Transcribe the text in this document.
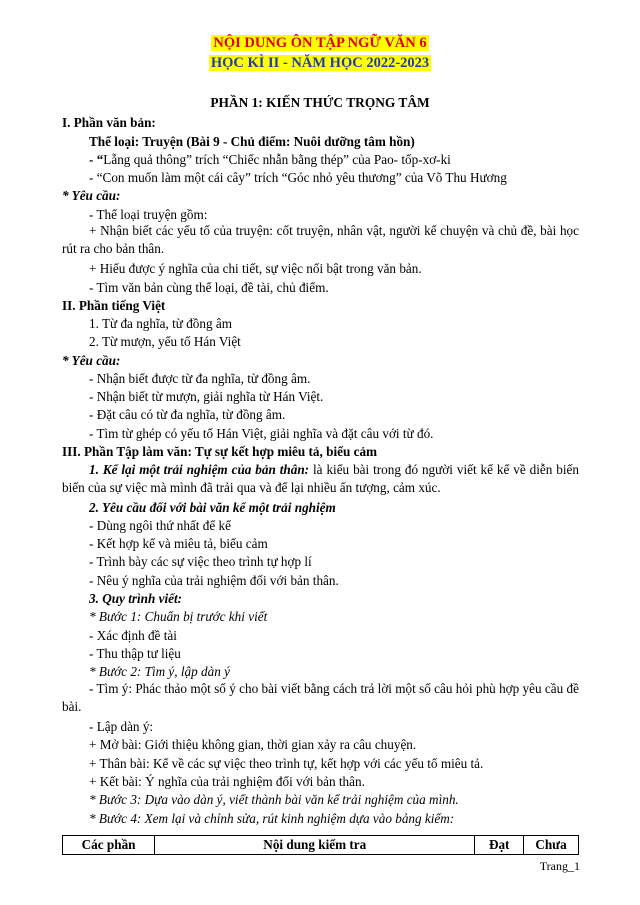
NỘI DUNG ÔN TẬP NGỮ VĂN 6
HỌC KÌ II - NĂM HỌC 2022-2023
PHẦN 1: KIẾN THỨC TRỌNG TÂM
I. Phần văn bản:
Thể loại: Truyện (Bài 9 - Chủ điểm: Nuôi dưỡng tâm hồn)
- “Lẵng quả thông” trích “Chiếc nhẫn bằng thép” của Pao- tốp-xơ-ki
- “Con muốn làm một cái cây” trích “Góc nhỏ yêu thương” của Võ Thu Hương
* Yêu cầu:
- Thể loại truyện gồm:
+ Nhận biết các yếu tố của truyện: cốt truyện, nhân vật, người kể chuyện và chủ đề, bài học rút ra cho bản thân.
+ Hiểu được ý nghĩa của chi tiết, sự việc nổi bật trong văn bản.
- Tìm văn bản cùng thể loại, đề tài, chủ điểm.
II. Phần tiếng Việt
1. Từ đa nghĩa, từ đồng âm
2. Từ mượn, yếu tố Hán Việt
* Yêu cầu:
- Nhận biết được từ đa nghĩa, từ đồng âm.
- Nhận biết từ mượn, giải nghĩa từ Hán Việt.
- Đặt câu có từ đa nghĩa, từ đồng âm.
- Tìm từ ghép có yếu tố Hán Việt, giải nghĩa và đặt câu với từ đó.
III. Phần Tập làm văn: Tự sự kết hợp miêu tả, biểu cảm
1. Kể lại một trải nghiệm của bản thân: là kiểu bài trong đó người viết kể kể về diễn biến biến của sự việc mà mình đã trải qua và để lại nhiều ấn tượng, cảm xúc.
2. Yêu cầu đối với bài văn kể một trải nghiệm
- Dùng ngôi thứ nhất để kể
- Kết hợp kể và miêu tả, biểu cảm
- Trình bày các sự việc theo trình tự hợp lí
- Nêu ý nghĩa của trải nghiệm đối với bản thân.
3. Quy trình viết:
* Bước 1: Chuẩn bị trước khi viết
- Xác định đề tài
- Thu thập tư liệu
* Bước 2: Tìm ý, lập dàn ý
- Tìm ý: Phác thảo một số ý cho bài viết bằng cách trả lời một số câu hỏi phù hợp yêu cầu đề bài.
- Lập dàn ý:
+ Mở bài: Giới thiệu không gian, thời gian xảy ra câu chuyện.
+ Thân bài: Kể về các sự việc theo trình tự, kết hợp với các yếu tố miêu tả.
+ Kết bài: Ý nghĩa của trải nghiệm đối với bản thân.
* Bước 3: Dựa vào dàn ý, viết thành bài văn kể trải nghiệm của mình.
* Bước 4: Xem lại và chỉnh sửa, rút kinh nghiệm dựa vào bảng kiểm:
Các phần	Nội dung kiểm tra	Đạt	Chưa
Trang_1
